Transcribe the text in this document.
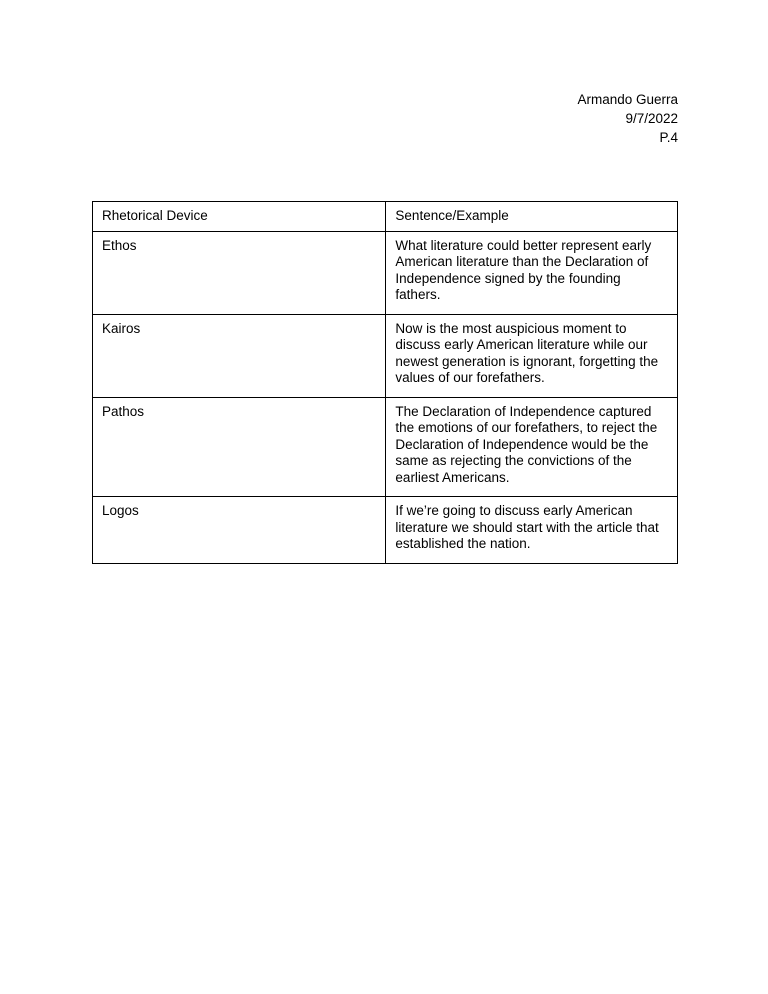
Armando Guerra
9/7/2022
P.4
Rhetorical Device	Sentence/Example
Ethos	What literature could better represent early American literature than the Declaration of Independence signed by the founding fathers.
Kairos	Now is the most auspicious moment to discuss early American literature while our newest generation is ignorant, forgetting the values of our forefathers.
Pathos	The Declaration of Independence captured the emotions of our forefathers, to reject the Declaration of Independence would be the same as rejecting the convictions of the earliest Americans.
Logos	If we’re going to discuss early American literature we should start with the article that established the nation.
